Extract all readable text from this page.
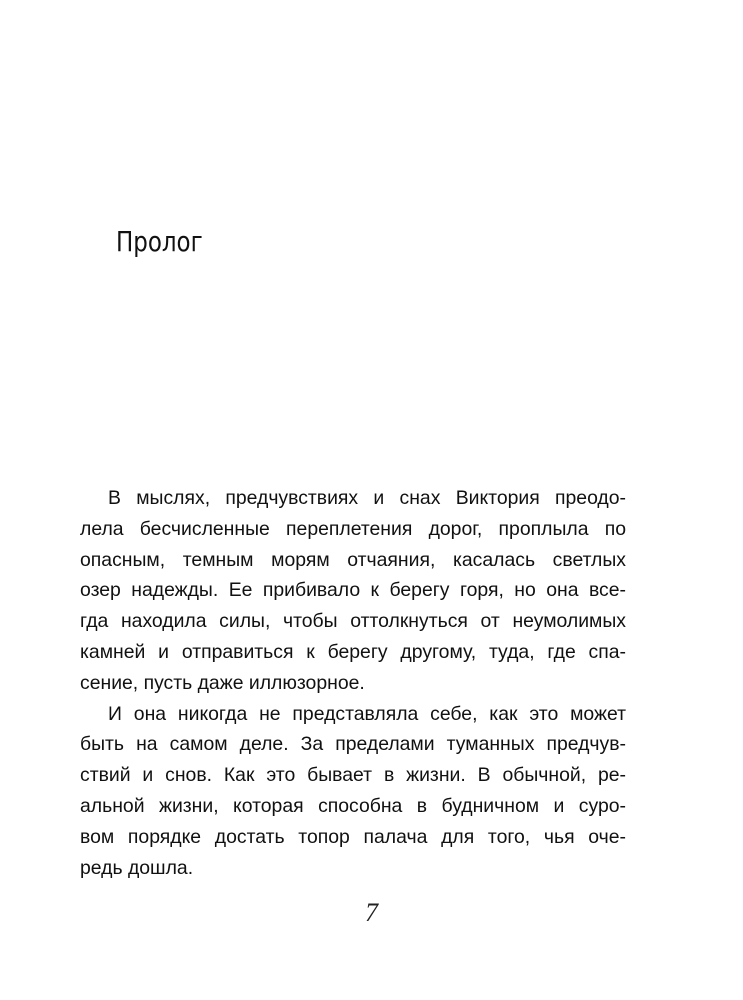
Пролог
В мыслях, предчувствиях и снах Виктория преодо-
лела бесчисленные переплетения дорог, проплыла по
опасным, темным морям отчаяния, касалась светлых
озер надежды. Ее прибивало к берегу горя, но она все-
гда находила силы, чтобы оттолкнуться от неумолимых
камней и отправиться к берегу другому, туда, где спа-
сение, пусть даже иллюзорное.
И она никогда не представляла себе, как это может
быть на самом деле. За пределами туманных предчув-
ствий и снов. Как это бывает в жизни. В обычной, ре-
альной жизни, которая способна в будничном и суро-
вом порядке достать топор палача для того, чья оче-
редь дошла.
7
